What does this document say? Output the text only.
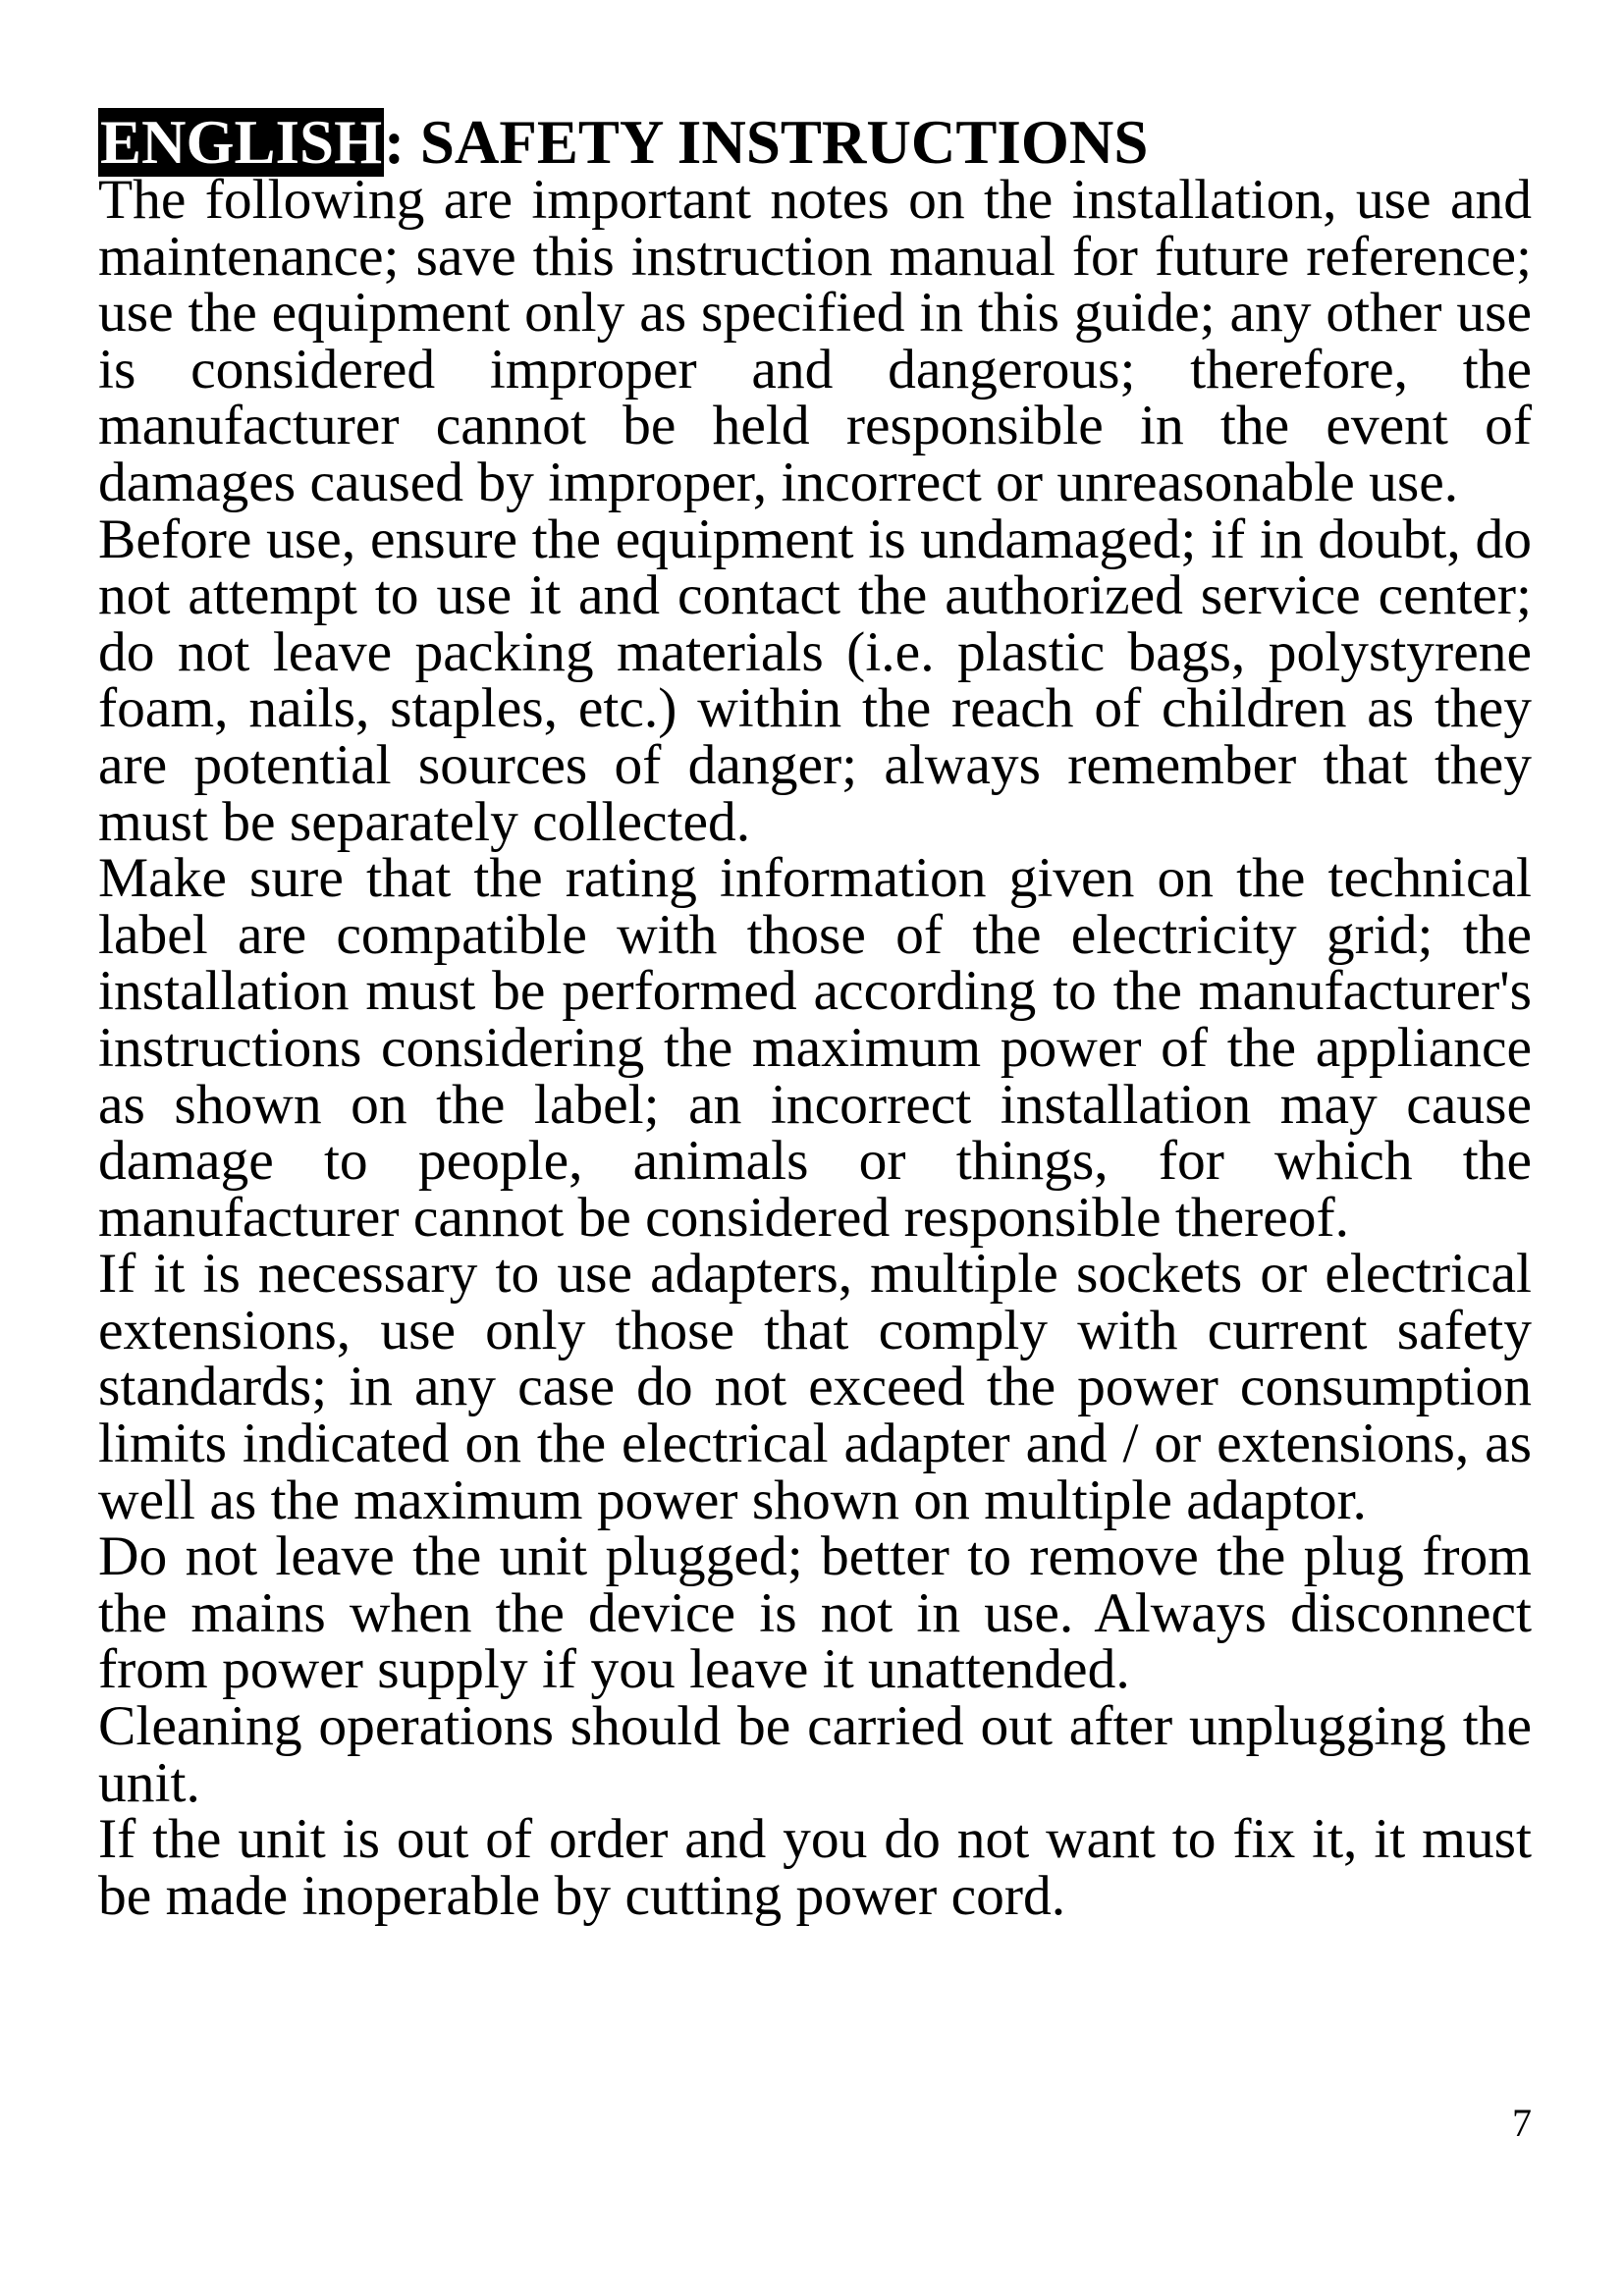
ENGLISH: SAFETY INSTRUCTIONS

The following are important notes on the installation, use and maintenance; save this instruction manual for future reference; use the equipment only as specified in this guide; any other use is considered improper and dangerous; therefore, the manufacturer cannot be held responsible in the event of damages caused by improper, incorrect or unreasonable use.

Before use, ensure the equipment is undamaged; if in doubt, do not attempt to use it and contact the authorized service center; do not leave packing materials (i.e. plastic bags, polystyrene foam, nails, staples, etc.) within the reach of children as they are potential sources of danger; always remember that they must be separately collected.

Make sure that the rating information given on the technical label are compatible with those of the electricity grid; the installation must be performed according to the manufacturer's instructions considering the maximum power of the appliance as shown on the label; an incorrect installation may cause damage to people, animals or things, for which the manufacturer cannot be considered responsible thereof.

If it is necessary to use adapters, multiple sockets or electrical extensions, use only those that comply with current safety standards; in any case do not exceed the power consumption limits indicated on the electrical adapter and / or extensions, as well as the maximum power shown on multiple adaptor.

Do not leave the unit plugged; better to remove the plug from the mains when the device is not in use. Always disconnect from power supply if you leave it unattended.

Cleaning operations should be carried out after unplugging the unit.

If the unit is out of order and you do not want to fix it, it must be made inoperable by cutting power cord.

7
